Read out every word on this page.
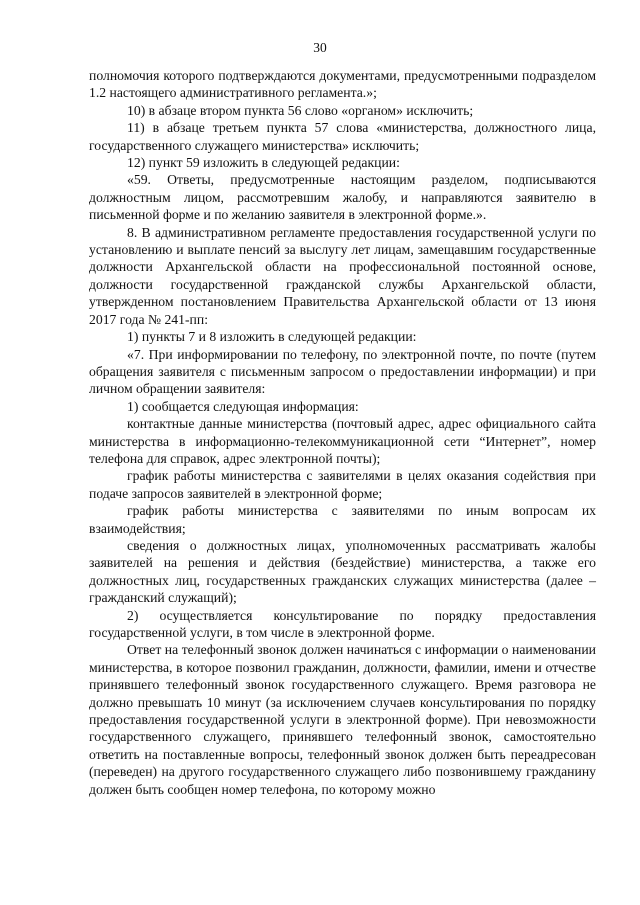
30

полномочия которого подтверждаются документами, предусмотренными подразделом 1.2 настоящего административного регламента.»;

10) в абзаце втором пункта 56 слово «органом» исключить;

11) в абзаце третьем пункта 57 слова «министерства, должностного лица, государственного служащего министерства» исключить;

12) пункт 59 изложить в следующей редакции:

«59. Ответы, предусмотренные настоящим разделом, подписываются должностным лицом, рассмотревшим жалобу, и направляются заявителю в письменной форме и по желанию заявителя в электронной форме.».

8. В административном регламенте предоставления государственной услуги по установлению и выплате пенсий за выслугу лет лицам, замещавшим государственные должности Архангельской области на профессиональной постоянной основе, должности государственной гражданской службы Архангельской области, утвержденном постановлением Правительства Архангельской области от 13 июня 2017 года № 241-пп:

1) пункты 7 и 8 изложить в следующей редакции:

«7. При информировании по телефону, по электронной почте, по почте (путем обращения заявителя с письменным запросом о предоставлении информации) и при личном обращении заявителя:

1) сообщается следующая информация:

контактные данные министерства (почтовый адрес, адрес официального сайта министерства в информационно-телекоммуникационной сети “Интернет”, номер телефона для справок, адрес электронной почты);

график работы министерства с заявителями в целях оказания содействия при подаче запросов заявителей в электронной форме;

график работы министерства с заявителями по иным вопросам их взаимодействия;

сведения о должностных лицах, уполномоченных рассматривать жалобы заявителей на решения и действия (бездействие) министерства, а также его должностных лиц, государственных гражданских служащих министерства (далее – гражданский служащий);

2) осуществляется консультирование по порядку предоставления государственной услуги, в том числе в электронной форме.

Ответ на телефонный звонок должен начинаться с информации о наименовании министерства, в которое позвонил гражданин, должности, фамилии, имени и отчестве принявшего телефонный звонок государственного служащего. Время разговора не должно превышать 10 минут (за исключением случаев консультирования по порядку предоставления государственной услуги в электронной форме). При невозможности государственного служащего, принявшего телефонный звонок, самостоятельно ответить на поставленные вопросы, телефонный звонок должен быть переадресован (переведен) на другого государственного служащего либо позвонившему гражданину должен быть сообщен номер телефона, по которому можно
